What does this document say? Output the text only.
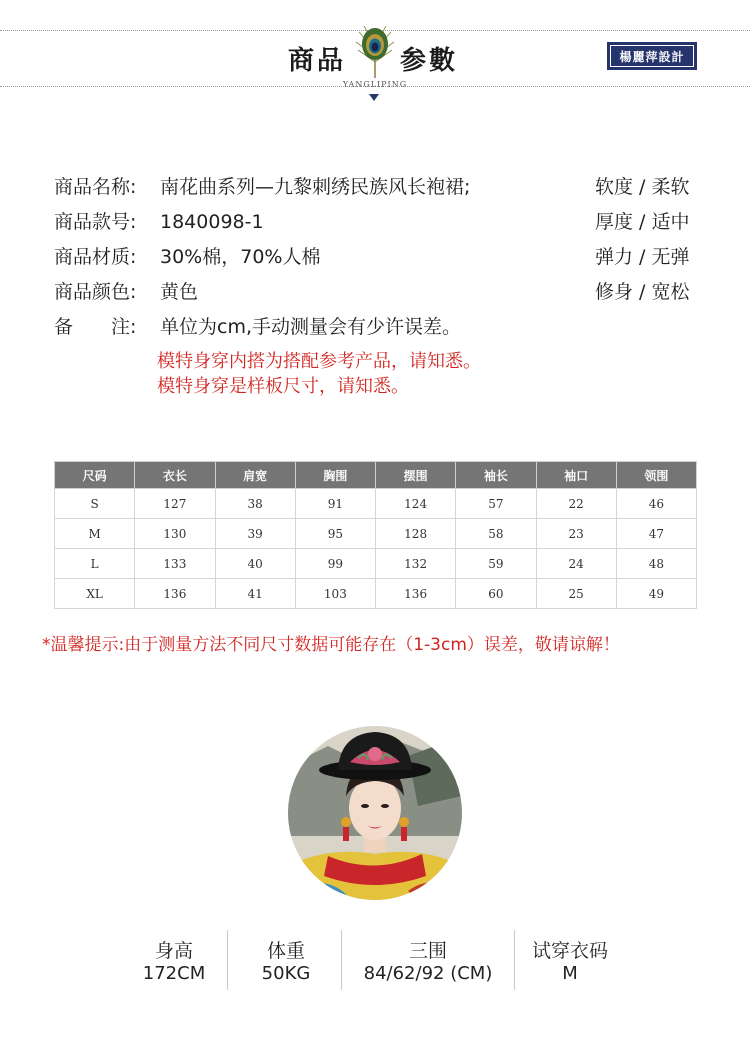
商品 参數
YANGLIPING
楊麗萍設計
商品名称: 南花曲系列—九黎刺绣民族风长袍裙;
商品款号: 1840098-1
商品材质: 30%棉，70%人棉
商品颜色: 黄色
备　　注: 单位为cm,手动测量会有少许误差。
模特身穿内搭为搭配参考产品，请知悉。
模特身穿是样板尺寸，请知悉。
软度 / 柔软
厚度 / 适中
弹力 / 无弹
修身 / 宽松
尺码	衣长	肩宽	胸围	摆围	袖长	袖口	领围
S	127	38	91	124	57	22	46
M	130	39	95	128	58	23	47
L	133	40	99	132	59	24	48
XL	136	41	103	136	60	25	49
*温馨提示:由于测量方法不同尺寸数据可能存在（1-3cm）误差，敬请谅解！
身高
172CM
体重
50KG
三围
84/62/92 (CM)
试穿衣码
M
